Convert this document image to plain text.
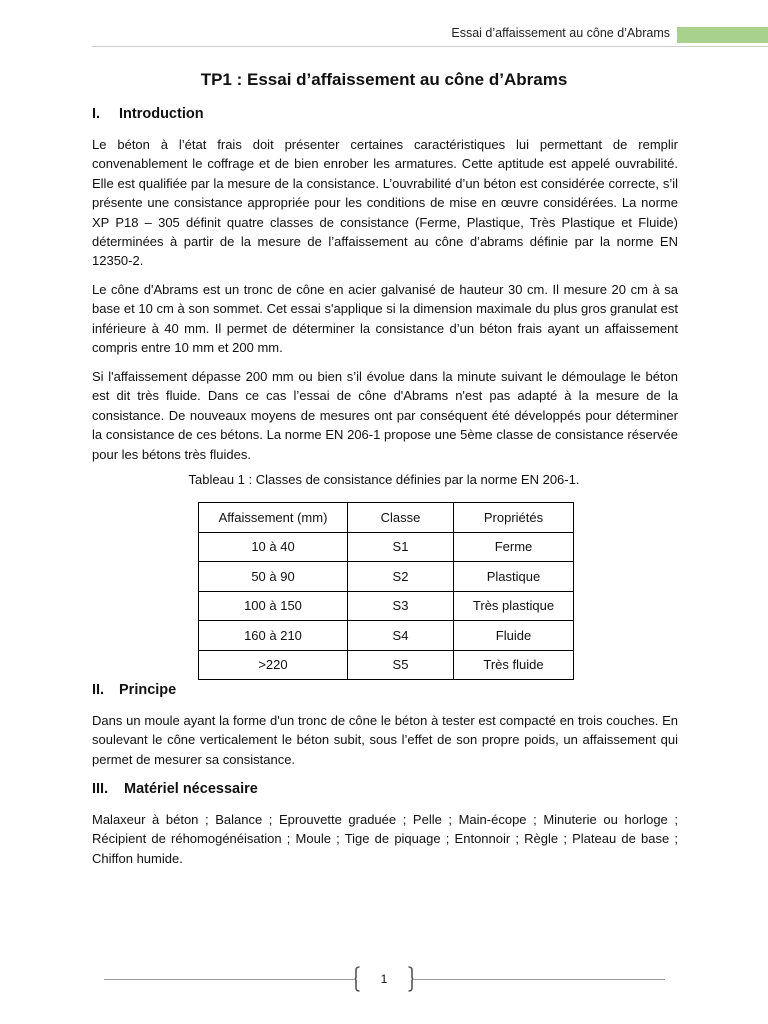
Essai d’affaissement au cône d’Abrams
TP1 : Essai d’affaissement au cône d’Abrams
I. Introduction

Le béton à l’état frais doit présenter certaines caractéristiques lui permettant de remplir convenablement le coffrage et de bien enrober les armatures. Cette aptitude est appelé ouvrabilité. Elle est qualifiée par la mesure de la consistance. L’ouvrabilité d’un béton est considérée correcte, s’il présente une consistance appropriée pour les conditions de mise en œuvre considérées. La norme XP P18 – 305 définit quatre classes de consistance (Ferme, Plastique, Très Plastique et Fluide) déterminées à partir de la mesure de l’affaissement au cône d’abrams définie par la norme EN 12350-2.

Le cône d'Abrams est un tronc de cône en acier galvanisé de hauteur 30 cm. Il mesure 20 cm à sa base et 10 cm à son sommet. Cet essai s'applique si la dimension maximale du plus gros granulat est inférieure à 40 mm. Il permet de déterminer la consistance d’un béton frais ayant un affaissement compris entre 10 mm et 200 mm.

Si l'affaissement dépasse 200 mm ou bien s’il évolue dans la minute suivant le démoulage le béton est dit très fluide. Dans ce cas l’essai de cône d'Abrams n'est pas adapté à la mesure de la consistance. De nouveaux moyens de mesures ont par conséquent été développés pour déterminer la consistance de ces bétons. La norme EN 206-1 propose une 5ème classe de consistance réservée pour les bétons très fluides.

Tableau 1 : Classes de consistance définies par la norme EN 206-1.
Affaissement (mm)	Classe	Propriétés
10 à 40	S1	Ferme
50 à 90	S2	Plastique
100 à 150	S3	Très plastique
160 à 210	S4	Fluide
>220	S5	Très fluide
II. Principe

Dans un moule ayant la forme d'un tronc de cône le béton à tester est compacté en trois couches. En soulevant le cône verticalement le béton subit, sous l’effet de son propre poids, un affaissement qui permet de mesurer sa consistance.

III. Matériel nécessaire

Malaxeur à béton ; Balance ; Eprouvette graduée ; Pelle ; Main-écope ; Minuterie ou horloge ; Récipient de réhomogénéisation ; Moule ; Tige de piquage ; Entonnoir ; Règle ; Plateau de base ; Chiffon humide.

1
